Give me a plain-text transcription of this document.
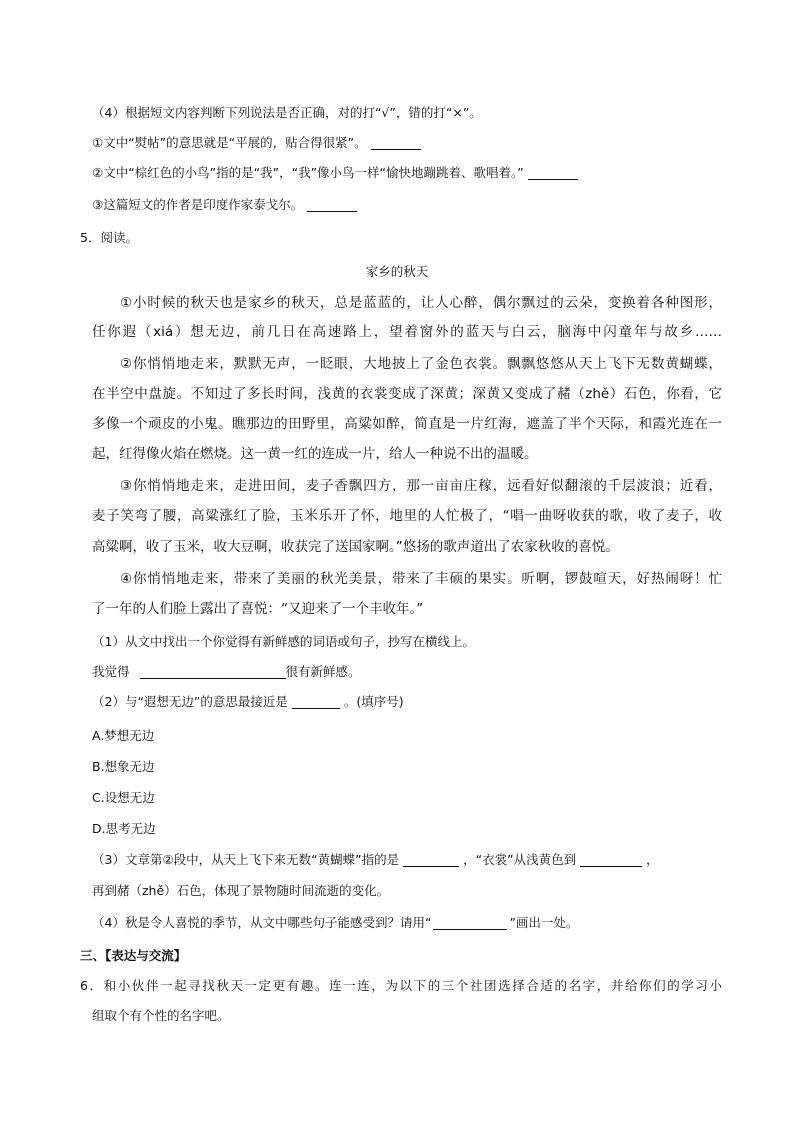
（4）根据短文内容判断下列说法是否正确，对的打“√”，错的打“×”。
①文中“熨帖”的意思就是“平展的，贴合得很紧”。
②文中“棕红色的小鸟”指的是“我”，“我”像小鸟一样“愉快地蹦跳着、歌唱着。”
③这篇短文的作者是印度作家泰戈尔。
5．阅读。
家乡的秋天
①小时候的秋天也是家乡的秋天，总是蓝蓝的，让人心醉，偶尔飘过的云朵，变换着各种图形，
任你遐（xiá）想无边，前几日在高速路上，望着窗外的蓝天与白云，脑海中闪童年与故乡……
②你悄悄地走来，默默无声，一眨眼，大地披上了金色衣裳。飘飘悠悠从天上飞下无数黄蝴蝶，
在半空中盘旋。不知过了多长时间，浅黄的衣裳变成了深黄；深黄又变成了赭（zhě）石色，你看，它
多像一个顽皮的小鬼。瞧那边的田野里，高粱如醉，简直是一片红海，遮盖了半个天际，和霞光连在一
起，红得像火焰在燃烧。这一黄一红的连成一片，给人一种说不出的温暖。
③你悄悄地走来，走进田间，麦子香飘四方，那一亩亩庄稼，远看好似翻滚的千层波浪；近看，
麦子笑弯了腰，高粱涨红了脸，玉米乐开了怀，地里的人忙极了，“唱一曲呀收获的歌，收了麦子，收
高粱啊，收了玉米，收大豆啊，收获完了送国家啊。”悠扬的歌声道出了农家秋收的喜悦。
④你悄悄地走来，带来了美丽的秋光美景，带来了丰硕的果实。听啊，锣鼓喧天，好热闹呀！忙
了一年的人们脸上露出了喜悦：“又迎来了一个丰收年。”
（1）从文中找出一个你觉得有新鲜感的词语或句子，抄写在横线上。
我觉得	很有新鲜感。
（2）与“遐想无边”的意思最接近是	。(填序号)
A.梦想无边
B.想象无边
C.设想无边
D.思考无边
（3）文章第②段中，从天上飞下来无数“黄蝴蝶”指的是	，“衣裳”从浅黄色到	，
再到赭（zhě）石色，体现了景物随时间流逝的变化。
（4）秋是令人喜悦的季节，从文中哪些句子能感受到？请用“	”画出一处。
三、【表达与交流】
6．和小伙伴一起寻找秋天一定更有趣。连一连，为以下的三个社团选择合适的名字，并给你们的学习小
组取个有个性的名字吧。
